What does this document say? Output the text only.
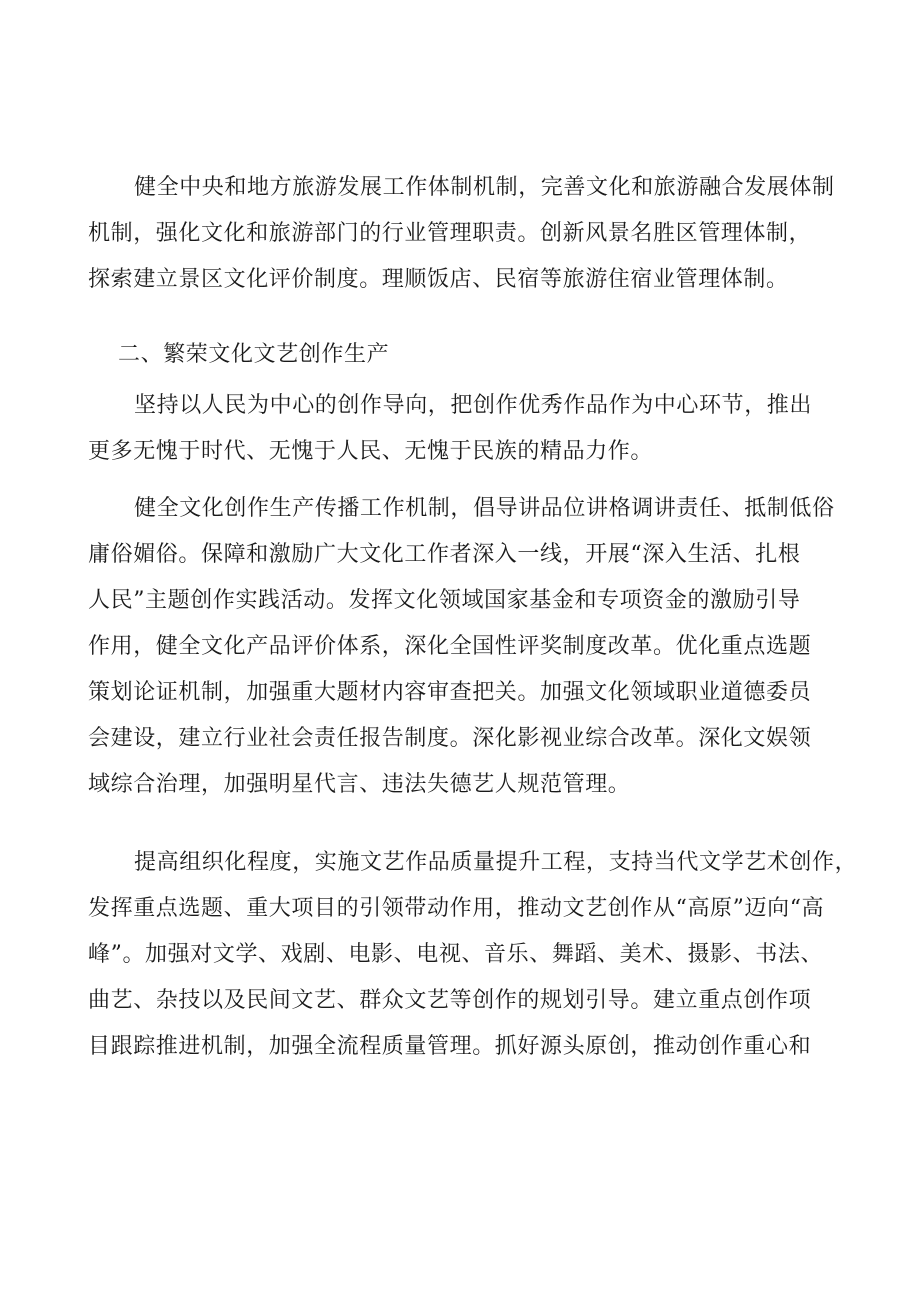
健全中央和地方旅游发展工作体制机制，完善文化和旅游融合发展体制
机制，强化文化和旅游部门的行业管理职责。创新风景名胜区管理体制，
探索建立景区文化评价制度。理顺饭店、民宿等旅游住宿业管理体制。
二、繁荣文化文艺创作生产
坚持以人民为中心的创作导向，把创作优秀作品作为中心环节，推出
更多无愧于时代、无愧于人民、无愧于民族的精品力作。
健全文化创作生产传播工作机制，倡导讲品位讲格调讲责任、抵制低俗
庸俗媚俗。保障和激励广大文化工作者深入一线，开展“深入生活、扎根
人民”主题创作实践活动。发挥文化领域国家基金和专项资金的激励引导
作用，健全文化产品评价体系，深化全国性评奖制度改革。优化重点选题
策划论证机制，加强重大题材内容审查把关。加强文化领域职业道德委员
会建设，建立行业社会责任报告制度。深化影视业综合改革。深化文娱领
域综合治理，加强明星代言、违法失德艺人规范管理。
提高组织化程度，实施文艺作品质量提升工程，支持当代文学艺术创作，
发挥重点选题、重大项目的引领带动作用，推动文艺创作从“高原”迈向“高
峰”。加强对文学、戏剧、电影、电视、音乐、舞蹈、美术、摄影、书法、
曲艺、杂技以及民间文艺、群众文艺等创作的规划引导。建立重点创作项
目跟踪推进机制，加强全流程质量管理。抓好源头原创，推动创作重心和
